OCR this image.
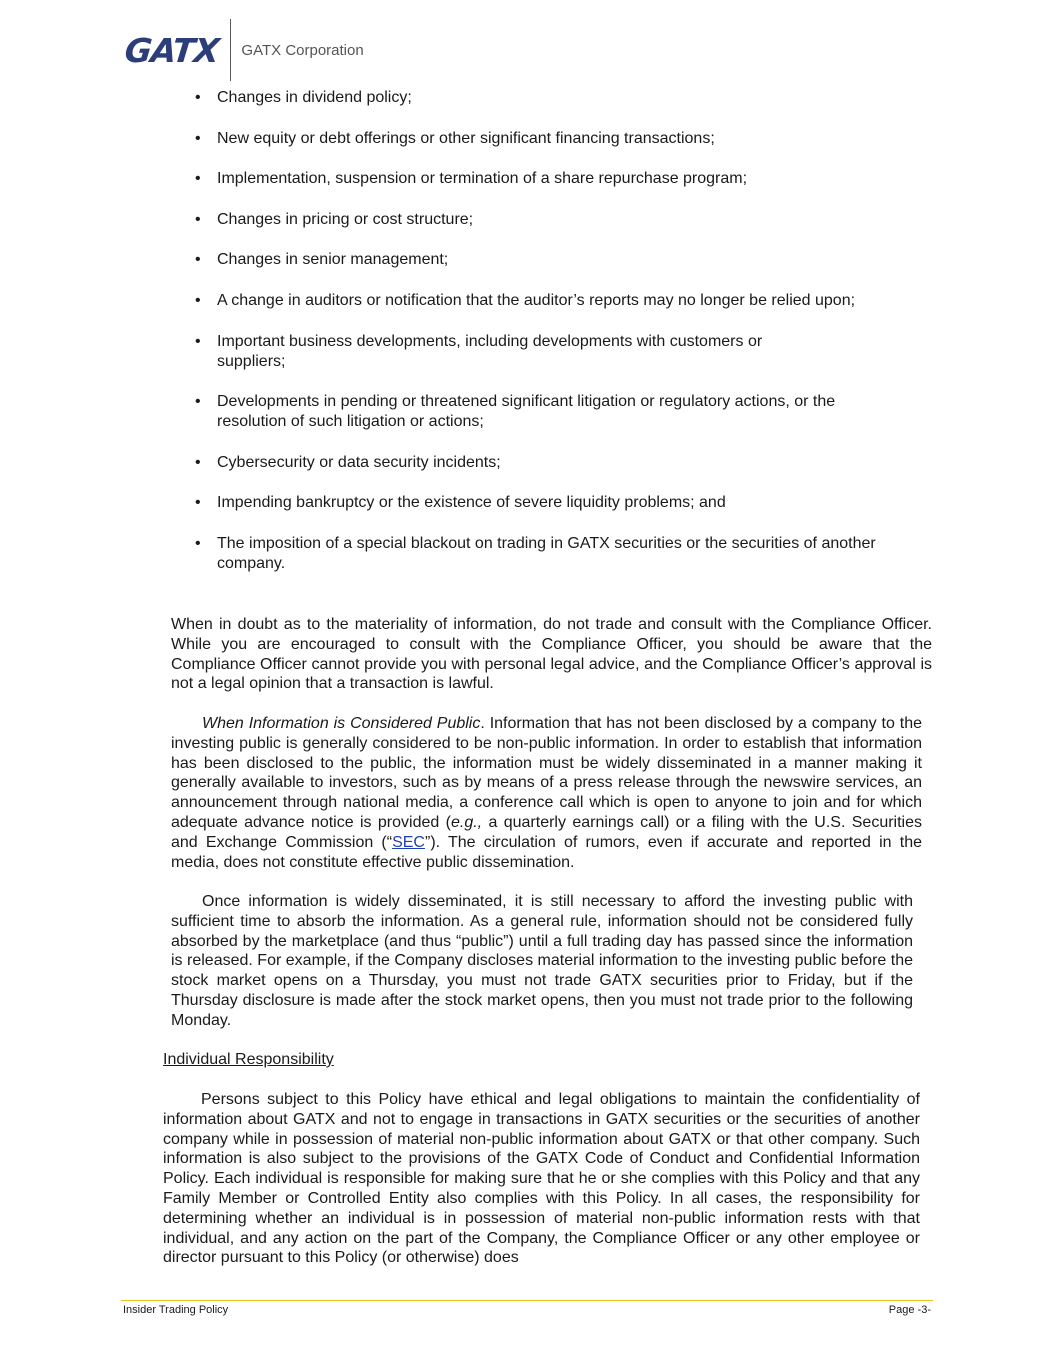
GATX GATX Corporation
• Changes in dividend policy;
• New equity or debt offerings or other significant financing transactions;
• Implementation, suspension or termination of a share repurchase program;
• Changes in pricing or cost structure;
• Changes in senior management;
• A change in auditors or notification that the auditor’s reports may no longer be relied upon;
• Important business developments, including developments with customers or suppliers;
• Developments in pending or threatened significant litigation or regulatory actions, or the resolution of such litigation or actions;
• Cybersecurity or data security incidents;
• Impending bankruptcy or the existence of severe liquidity problems; and
• The imposition of a special blackout on trading in GATX securities or the securities of another company.

When in doubt as to the materiality of information, do not trade and consult with the Compliance Officer. While you are encouraged to consult with the Compliance Officer, you should be aware that the Compliance Officer cannot provide you with personal legal advice, and the Compliance Officer’s approval is not a legal opinion that a transaction is lawful.

When Information is Considered Public. Information that has not been disclosed by a company to the investing public is generally considered to be non-public information. In order to establish that information has been disclosed to the public, the information must be widely disseminated in a manner making it generally available to investors, such as by means of a press release through the newswire services, an announcement through national media, a conference call which is open to anyone to join and for which adequate advance notice is provided (e.g., a quarterly earnings call) or a filing with the U.S. Securities and Exchange Commission (“SEC”). The circulation of rumors, even if accurate and reported in the media, does not constitute effective public dissemination.

Once information is widely disseminated, it is still necessary to afford the investing public with sufficient time to absorb the information. As a general rule, information should not be considered fully absorbed by the marketplace (and thus “public”) until a full trading day has passed since the information is released. For example, if the Company discloses material information to the investing public before the stock market opens on a Thursday, you must not trade GATX securities prior to Friday, but if the Thursday disclosure is made after the stock market opens, then you must not trade prior to the following Monday.

Individual Responsibility

Persons subject to this Policy have ethical and legal obligations to maintain the confidentiality of information about GATX and not to engage in transactions in GATX securities or the securities of another company while in possession of material non-public information about GATX or that other company. Such information is also subject to the provisions of the GATX Code of Conduct and Confidential Information Policy. Each individual is responsible for making sure that he or she complies with this Policy and that any Family Member or Controlled Entity also complies with this Policy. In all cases, the responsibility for determining whether an individual is in possession of material non-public information rests with that individual, and any action on the part of the Company, the Compliance Officer or any other employee or director pursuant to this Policy (or otherwise) does

Insider Trading Policy	Page -3-
